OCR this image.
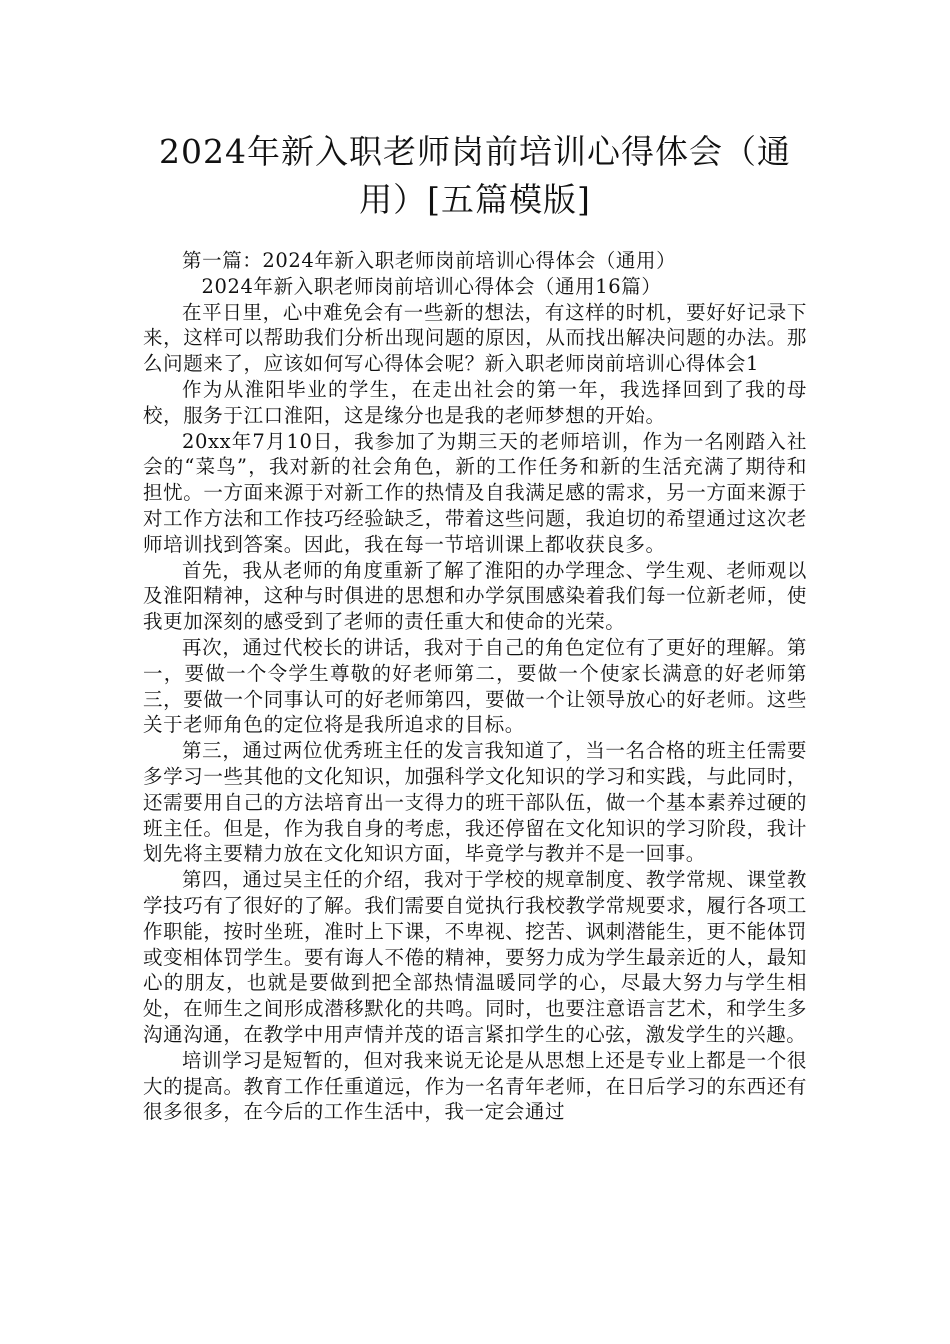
2024年新入职老师岗前培训心得体会（通用）[五篇模版]

第一篇：2024年新入职老师岗前培训心得体会（通用）

2024年新入职老师岗前培训心得体会（通用16篇）

在平日里，心中难免会有一些新的想法，有这样的时机，要好好记录下来，这样可以帮助我们分析出现问题的原因，从而找出解决问题的办法。那么问题来了，应该如何写心得体会呢？新入职老师岗前培训心得体会1

作为从淮阳毕业的学生，在走出社会的第一年，我选择回到了我的母校，服务于江口淮阳，这是缘分也是我的老师梦想的开始。

20xx年7月10日，我参加了为期三天的老师培训，作为一名刚踏入社会的“菜鸟”，我对新的社会角色，新的工作任务和新的生活充满了期待和担忧。一方面来源于对新工作的热情及自我满足感的需求，另一方面来源于对工作方法和工作技巧经验缺乏，带着这些问题，我迫切的希望通过这次老师培训找到答案。因此，我在每一节培训课上都收获良多。

首先，我从老师的角度重新了解了淮阳的办学理念、学生观、老师观以及淮阳精神，这种与时俱进的思想和办学氛围感染着我们每一位新老师，使我更加深刻的感受到了老师的责任重大和使命的光荣。

再次，通过代校长的讲话，我对于自己的角色定位有了更好的理解。第一，要做一个令学生尊敬的好老师第二，要做一个使家长满意的好老师第三，要做一个同事认可的好老师第四，要做一个让领导放心的好老师。这些关于老师角色的定位将是我所追求的目标。

第三，通过两位优秀班主任的发言我知道了，当一名合格的班主任需要多学习一些其他的文化知识，加强科学文化知识的学习和实践，与此同时，还需要用自己的方法培育出一支得力的班干部队伍，做一个基本素养过硬的班主任。但是，作为我自身的考虑，我还停留在文化知识的学习阶段，我计划先将主要精力放在文化知识方面，毕竟学与教并不是一回事。

第四，通过吴主任的介绍，我对于学校的规章制度、教学常规、课堂教学技巧有了很好的了解。我们需要自觉执行我校教学常规要求，履行各项工作职能，按时坐班，准时上下课，不卑视、挖苦、讽刺潜能生，更不能体罚或变相体罚学生。要有诲人不倦的精神，要努力成为学生最亲近的人，最知心的朋友，也就是要做到把全部热情温暖同学的心，尽最大努力与学生相处，在师生之间形成潜移默化的共鸣。同时，也要注意语言艺术，和学生多沟通沟通，在教学中用声情并茂的语言紧扣学生的心弦，激发学生的兴趣。

培训学习是短暂的，但对我来说无论是从思想上还是专业上都是一个很大的提高。教育工作任重道远，作为一名青年老师，在日后学习的东西还有很多很多，在今后的工作生活中，我一定会通过
